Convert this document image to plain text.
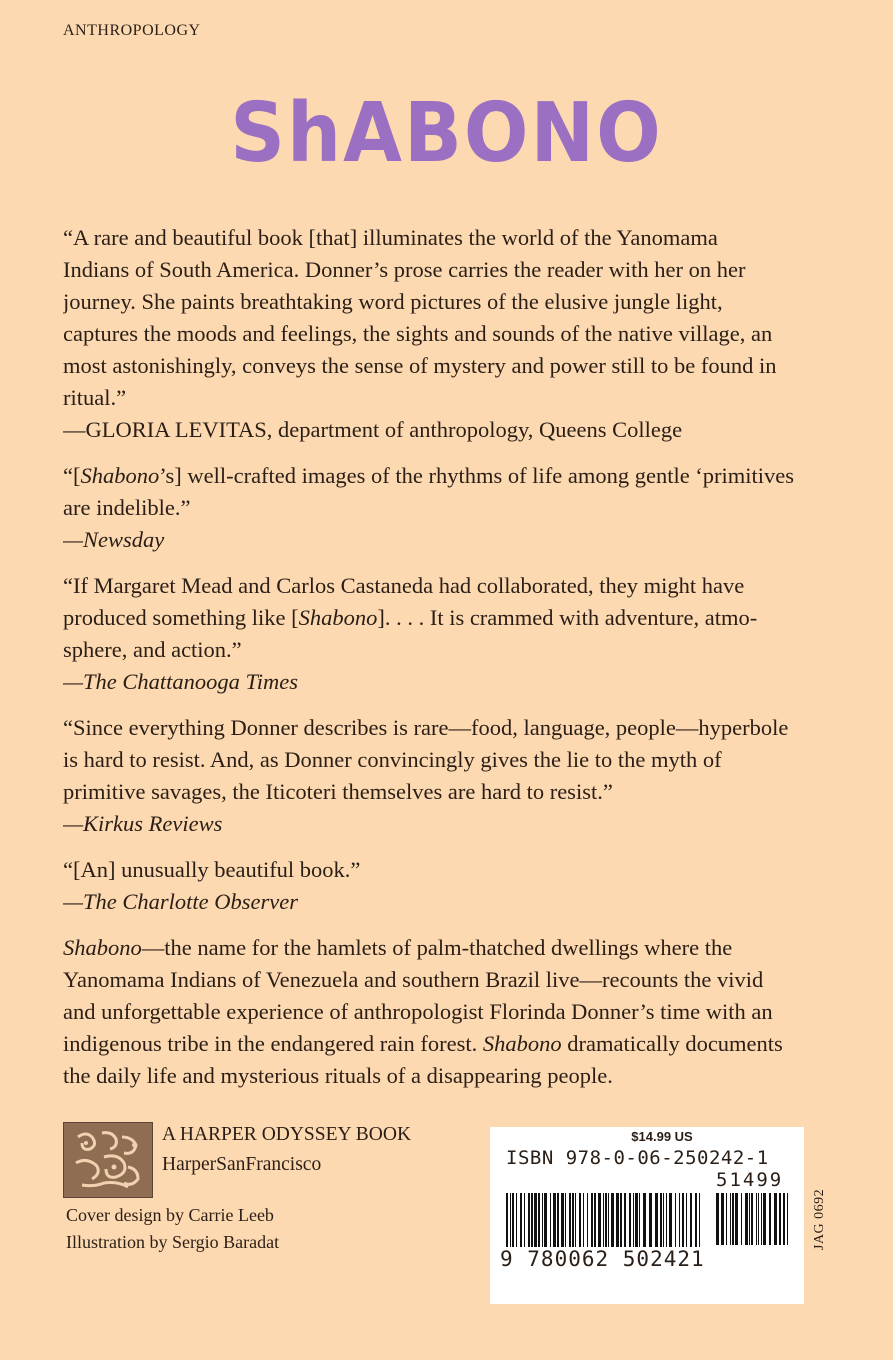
ANTHROPOLOGY
ShABONO
“A rare and beautiful book [that] illuminates the world of the Yanomama
Indians of South America. Donner’s prose carries the reader with her on her
journey. She paints breathtaking word pictures of the elusive jungle light,
captures the moods and feelings, the sights and sounds of the native village, an
most astonishingly, conveys the sense of mystery and power still to be found in
ritual.”
—GLORIA LEVITAS, department of anthropology, Queens College
“[Shabono’s] well-crafted images of the rhythms of life among gentle ‘primitives
are indelible.”
—Newsday
“If Margaret Mead and Carlos Castaneda had collaborated, they might have
produced something like [Shabono]. . . . It is crammed with adventure, atmo-
sphere, and action.”
—The Chattanooga Times
“Since everything Donner describes is rare—food, language, people—hyperbole
is hard to resist. And, as Donner convincingly gives the lie to the myth of
primitive savages, the Iticoteri themselves are hard to resist.”
—Kirkus Reviews
“[An] unusually beautiful book.”
—The Charlotte Observer
Shabono—the name for the hamlets of palm-thatched dwellings where the
Yanomama Indians of Venezuela and southern Brazil live—recounts the vivid
and unforgettable experience of anthropologist Florinda Donner’s time with an
indigenous tribe in the endangered rain forest. Shabono dramatically documents
the daily life and mysterious rituals of a disappearing people.
A HARPER ODYSSEY BOOK
HarperSanFrancisco
Cover design by Carrie Leeb
Illustration by Sergio Baradat
$14.99 US
ISBN 978-0-06-250242-1
51499
9 780062 502421
JAG 0692
